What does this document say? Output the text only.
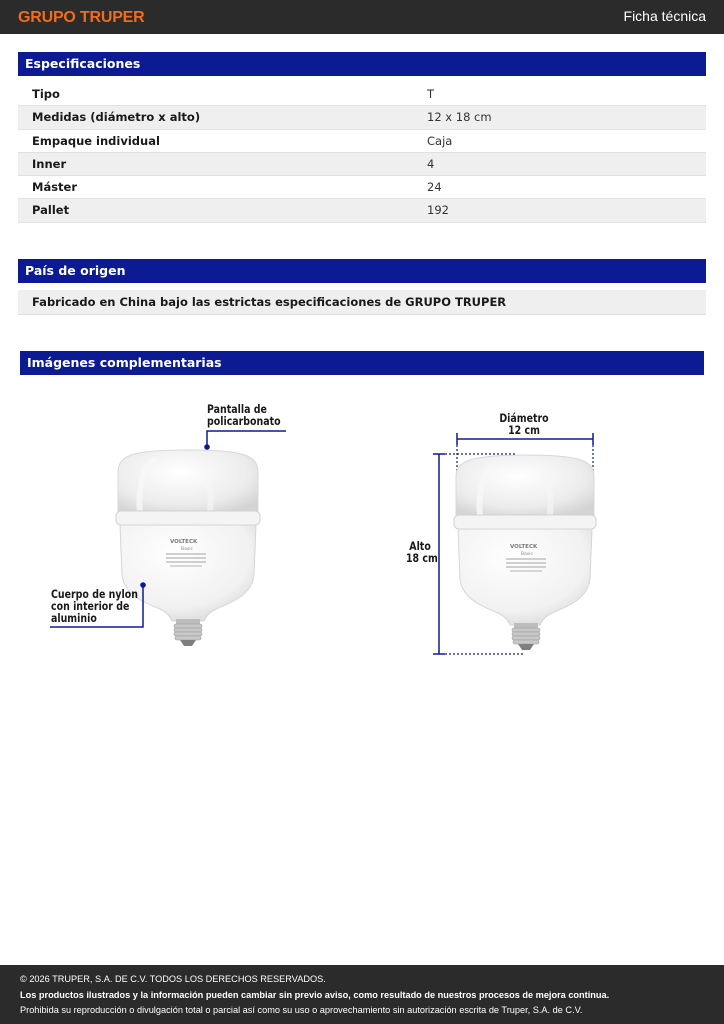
GRUPO TRUPER	Ficha técnica
Especificaciones
Tipo	T
Medidas (diámetro x alto)	12 x 18 cm
Empaque individual	Caja
Inner	4
Máster	24
Pallet	192
País de origen
Fabricado en China bajo las estrictas especificaciones de GRUPO TRUPER
Imágenes complementarias
VOLTECK
Basic
Pantalla de
policarbonato
Cuerpo de nylon
con interior de
aluminio
VOLTECK
Basic
Diámetro
12 cm
Alto
18 cm
© 2026 TRUPER, S.A. DE C.V. TODOS LOS DERECHOS RESERVADOS.
Los productos ilustrados y la información pueden cambiar sin previo aviso, como resultado de nuestros procesos de mejora continua.
Prohibida su reproducción o divulgación total o parcial así como su uso o aprovechamiento sin autorización escrita de Truper, S.A. de C.V.
